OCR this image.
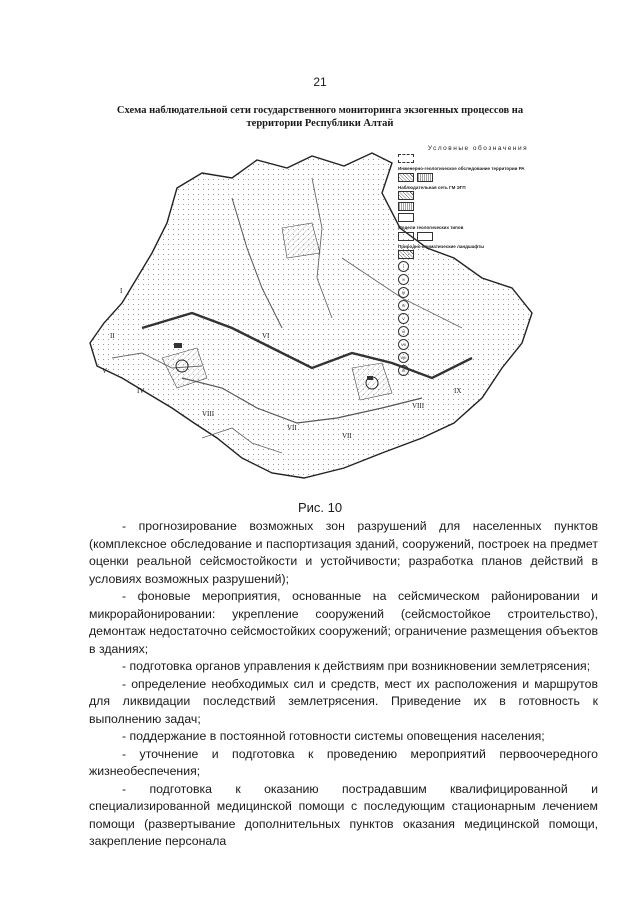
21
Схема наблюдательной сети государственного мониторинга экзогенных процессов на
территории Республики Алтай
I
II
V
IV
VIII
VII
VII
VI
VIII
IX
Условные обозначения
Инженерно-геологическое обследование территории РА
Наблюдательная сеть ГМ ЭГП
Модели геологических типов
Природно-климатические ландшафты
I
II
III
IV
V
VI
VII
VIII
IX
Рис. 10

- прогнозирование возможных зон разрушений для населенных пунктов (комплексное обследование и паспортизация зданий, сооружений, построек на предмет оценки реальной сейсмостойкости и устойчивости; разработка планов действий в условиях возможных разрушений);

- фоновые мероприятия, основанные на сейсмическом районировании и микрорайонировании: укрепление сооружений (сейсмостойкое строительство), демонтаж недостаточно сейсмостойких сооружений; ограничение размещения объектов в зданиях;

- подготовка органов управления к действиям при возникновении землетрясения;

- определение необходимых сил и средств, мест их расположения и маршрутов для ликвидации последствий землетрясения. Приведение их в готовность к выполнению задач;

- поддержание в постоянной готовности системы оповещения населения;

- уточнение и подготовка к проведению мероприятий первоочередного жизнеобеспечения;

- подготовка к оказанию пострадавшим квалифицированной и специализированной медицинской помощи с последующим стационарным лечением помощи (развертывание дополнительных пунктов оказания медицинской помощи, закрепление персонала
